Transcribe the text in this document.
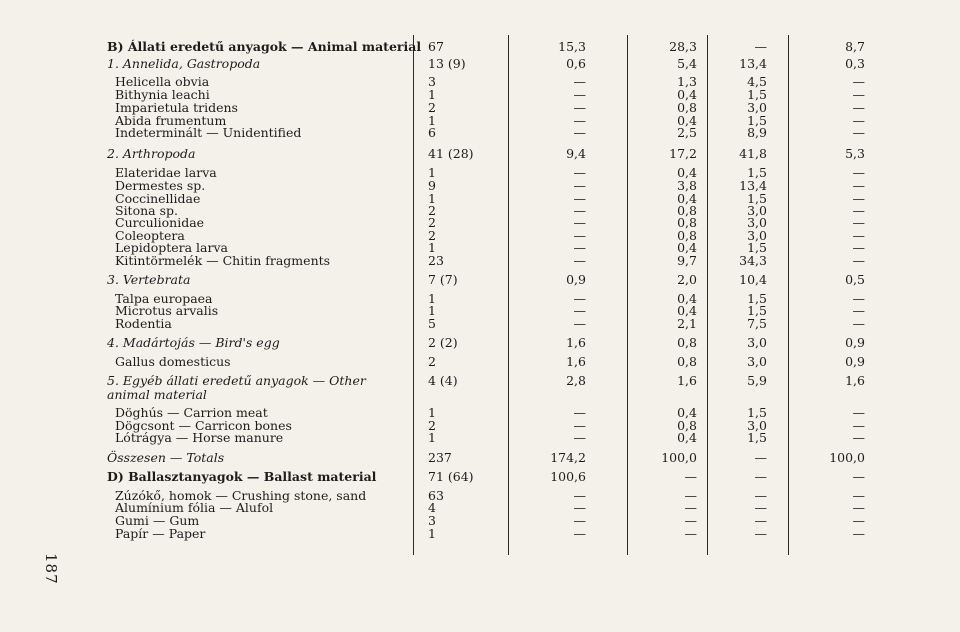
B) Állati eredetű anyagok — Animal material 67	15,3	28,3	—	8,7
1. Annelida, Gastropoda	13 (9)	0,6	5,4	13,4	0,3
Helicella obvia	3	—	1,3	4,5	—
Bithynia leachi	1	—	0,4	1,5	—
Imparietula tridens	2	—	0,8	3,0	—
Abida frumentum	1	—	0,4	1,5	—
Indeterminált — Unidentified	6	—	2,5	8,9	—
2. Arthropoda	41 (28)	9,4	17,2	41,8	5,3
Elateridae larva	1	—	0,4	1,5	—
Dermestes sp.	9	—	3,8	13,4	—
Coccinellidae	1	—	0,4	1,5	—
Sitona sp.	2	—	0,8	3,0	—
Curculionidae	2	—	0,8	3,0	—
Coleoptera	2	—	0,8	3,0	—
Lepidoptera larva	1	—	0,4	1,5	—
Kitintörmelék — Chitin fragments	23	—	9,7	34,3	—
3. Vertebrata	7 (7)	0,9	2,0	10,4	0,5
Talpa europaea	1	—	0,4	1,5	—
Microtus arvalis	1	—	0,4	1,5	—
Rodentia	5	—	2,1	7,5	—
4. Madártojás — Bird's egg	2 (2)	1,6	0,8	3,0	0,9
Gallus domesticus	2	1,6	0,8	3,0	0,9
5. Egyéb állati eredetű anyagok — Other	4 (4)	2,8	1,6	5,9	1,6
animal material
Döghús — Carrion meat	1	—	0,4	1,5	—
Dögcsont — Carricon bones	2	—	0,8	3,0	—
Lótrágya — Horse manure	1	—	0,4	1,5	—
Összesen — Totals	237	174,2	100,0	—	100,0
D) Ballasztanyagok — Ballast material	71 (64)	100,6	—	—	—
Zúzókő, homok — Crushing stone, sand	63	—	—	—	—
Alumínium fólia — Alufol	4	—	—	—	—
Gumi — Gum	3	—	—	—	—
Papír — Paper	1	—	—	—	—
187
